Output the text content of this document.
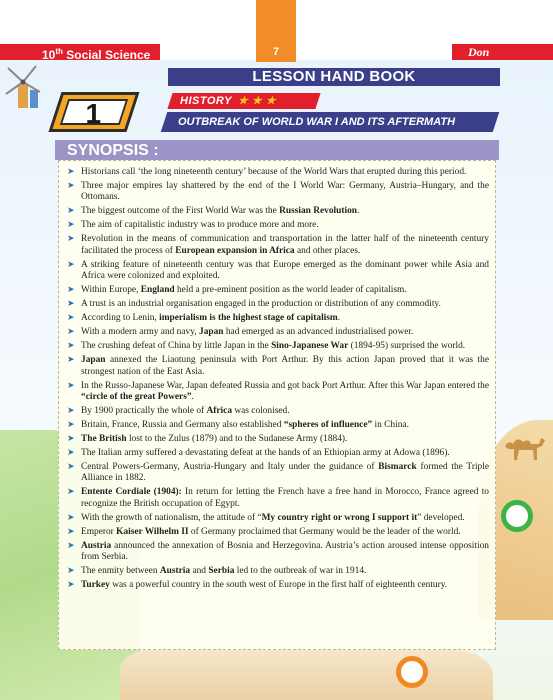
10th Social Science	7	Don
LESSON HAND BOOK
1	HISTORY ★ ★ ★
OUTBREAK OF WORLD WAR I AND ITS AFTERMATH
SYNOPSIS :
➤ Historians call ‘the long nineteenth century’ because of the World Wars that erupted during this period.
➤ Three major empires lay shattered by the end of the I World War: Germany, Austria–Hungary, and the Ottomans.
➤ The biggest outcome of the First World War was the Russian Revolution.
➤ The aim of capitalistic industry was to produce more and more.
➤ Revolution in the means of communication and transportation in the latter half of the nineteenth century facilitated the process of European expansion in Africa and other places.
➤ A striking feature of nineteenth century was that Europe emerged as the dominant power while Asia and Africa were colonized and exploited.
➤ Within Europe, England held a pre-eminent position as the world leader of capitalism.
➤ A trust is an industrial organisation engaged in the production or distribution of any commodity.
➤ According to Lenin, imperialism is the highest stage of capitalism.
➤ With a modern army and navy, Japan had emerged as an advanced industrialised power.
➤ The crushing defeat of China by little Japan in the Sino-Japanese War (1894-95) surprised the world.
➤ Japan annexed the Liaotung peninsula with Port Arthur. By this action Japan proved that it was the strongest nation of the East Asia.
➤ In the Russo-Japanese War, Japan defeated Russia and got back Port Arthur. After this War Japan entered the “circle of the great Powers”.
➤ By 1900 practically the whole of Africa was colonised.
➤ Britain, France, Russia and Germany also established “spheres of influence” in China.
➤ The British lost to the Zulus (1879) and to the Sudanese Army (1884).
➤ The Italian army suffered a devastating defeat at the hands of an Ethiopian army at Adowa (1896).
➤ Central Powers-Germany, Austria-Hungary and Italy under the guidance of Bismarck formed the Triple Alliance in 1882.
➤ Entente Cordiale (1904): In return for letting the French have a free hand in Morocco, France agreed to recognize the British occupation of Egypt.
➤ With the growth of nationalism, the attitude of “My country right or wrong I support it” developed.
➤ Emperor Kaiser Wilhelm II of Germany proclaimed that Germany would be the leader of the world.
➤ Austria announced the annexation of Bosnia and Herzegovina. Austria’s action aroused intense opposition from Serbia.
➤ The enmity between Austria and Serbia led to the outbreak of war in 1914.
➤ Turkey was a powerful country in the south west of Europe in the first half of eighteenth century.
